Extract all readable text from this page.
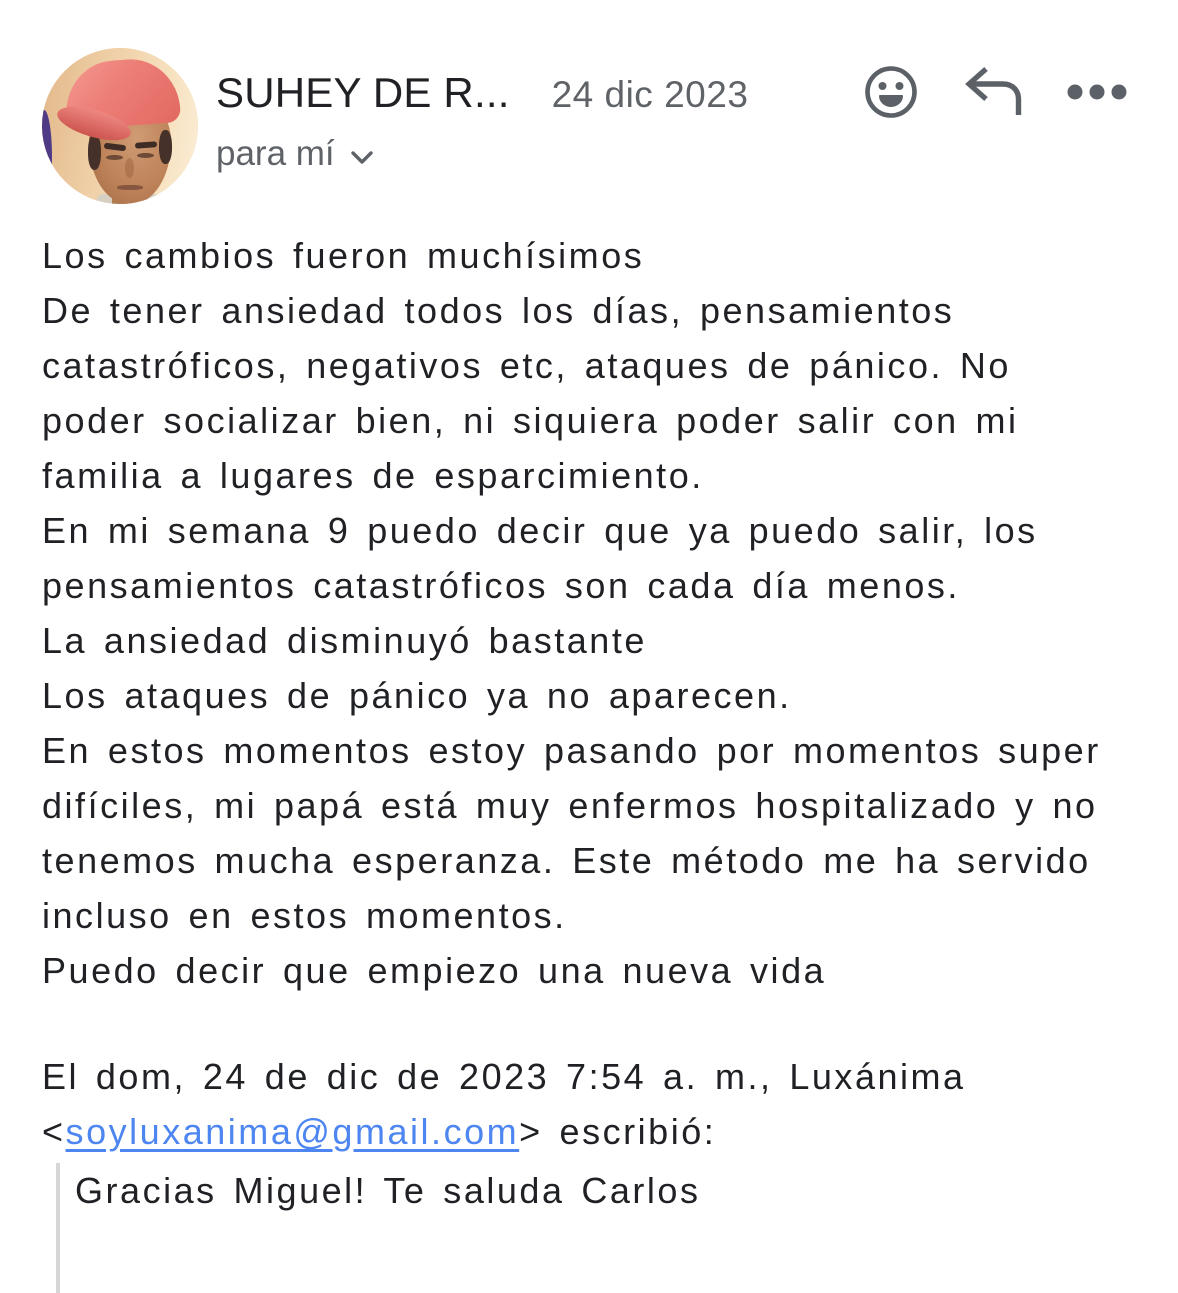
SUHEY DE R... 24 dic 2023
para mí

Los cambios fueron muchísimos

De tener ansiedad todos los días, pensamientos catastróficos, negativos etc, ataques de pánico. No poder socializar bien, ni siquiera poder salir con mi familia a lugares de esparcimiento.

En mi semana 9 puedo decir que ya puedo salir, los pensamientos catastróficos son cada día menos.

La ansiedad disminuyó bastante

Los ataques de pánico ya no aparecen.

En estos momentos estoy pasando por momentos super difíciles, mi papá está muy enfermos hospitalizado y no tenemos mucha esperanza. Este método me ha servido incluso en estos momentos.

Puedo decir que empiezo una nueva vida

El dom, 24 de dic de 2023 7:54 a. m., Luxánima <soyluxanima@gmail.com> escribió:
Gracias Miguel! Te saluda Carlos
